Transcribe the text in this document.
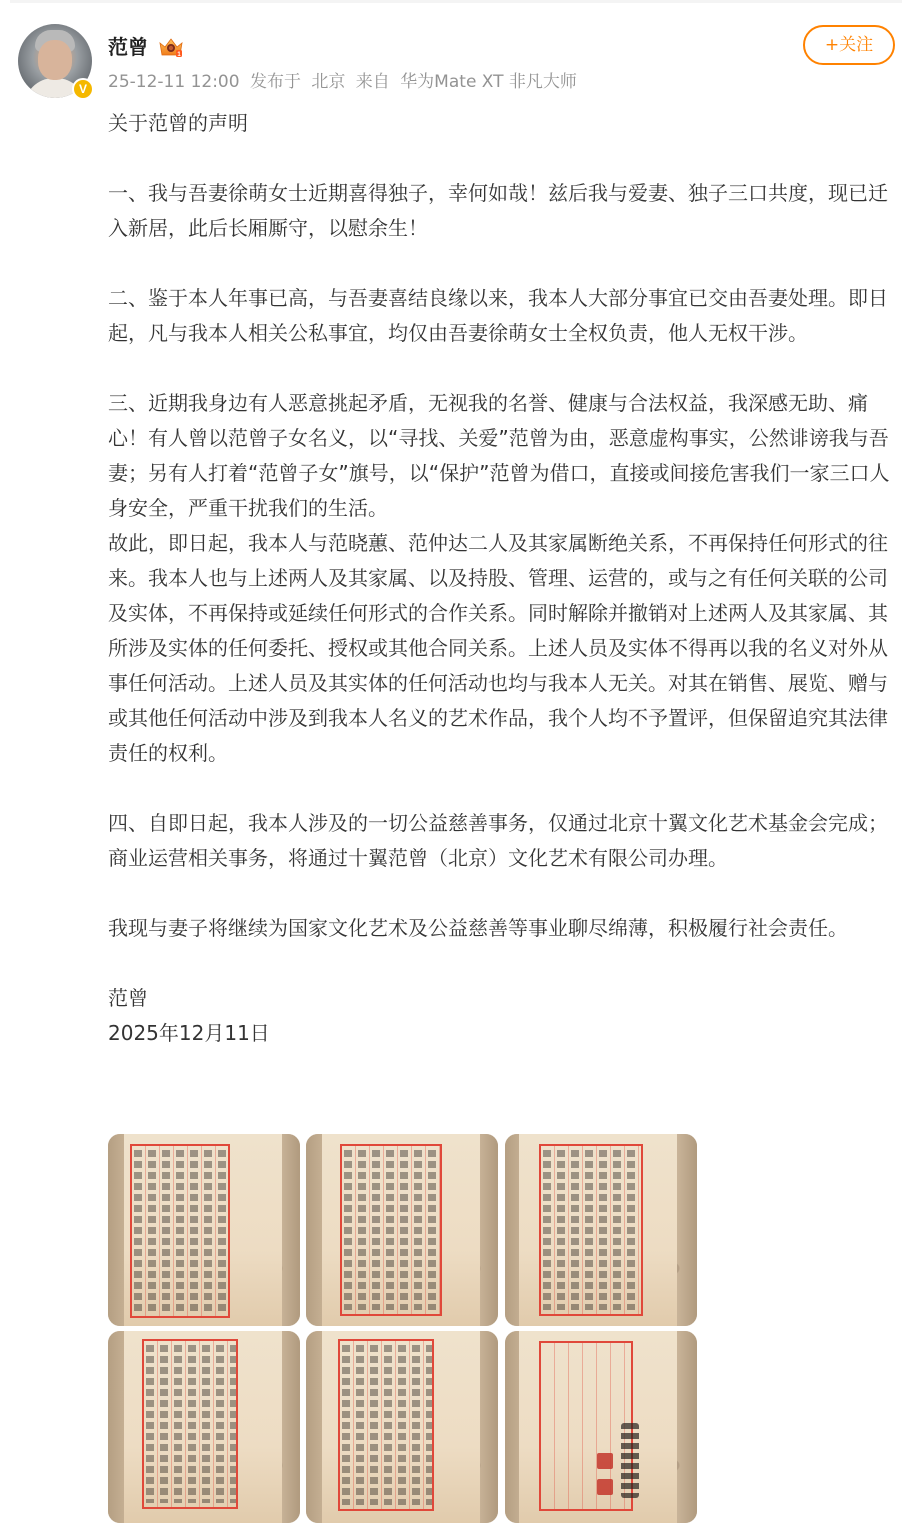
V
范曾	1
25-12-11 12:00 发布于 北京 来自 华为Mate XT 非凡大师
+关注

关于范曾的声明

一、我与吾妻徐萌女士近期喜得独子，幸何如哉！兹后我与爱妻、独子三口共度，现已迁入新居，此后长厢厮守，以慰余生！

二、鉴于本人年事已高，与吾妻喜结良缘以来，我本人大部分事宜已交由吾妻处理。即日起，凡与我本人相关公私事宜，均仅由吾妻徐萌女士全权负责，他人无权干涉。

三、近期我身边有人恶意挑起矛盾，无视我的名誉、健康与合法权益，我深感无助、痛心！有人曾以范曾子女名义，以“寻找、关爱”范曾为由，恶意虚构事实，公然诽谤我与吾妻；另有人打着“范曾子女”旗号，以“保护”范曾为借口，直接或间接危害我们一家三口人身安全，严重干扰我们的生活。

故此，即日起，我本人与范晓蕙、范仲达二人及其家属断绝关系，不再保持任何形式的往来。我本人也与上述两人及其家属、以及持股、管理、运营的，或与之有任何关联的公司及实体，不再保持或延续任何形式的合作关系。同时解除并撤销对上述两人及其家属、其所涉及实体的任何委托、授权或其他合同关系。上述人员及实体不得再以我的名义对外从事任何活动。上述人员及其实体的任何活动也均与我本人无关。对其在销售、展览、赠与或其他任何活动中涉及到我本人名义的艺术作品，我个人均不予置评，但保留追究其法律责任的权利。

四、自即日起，我本人涉及的一切公益慈善事务，仅通过北京十翼文化艺术基金会完成；商业运营相关事务，将通过十翼范曾（北京）文化艺术有限公司办理。

我现与妻子将继续为国家文化艺术及公益慈善等事业聊尽绵薄，积极履行社会责任。

范曾

2025年12月11日
